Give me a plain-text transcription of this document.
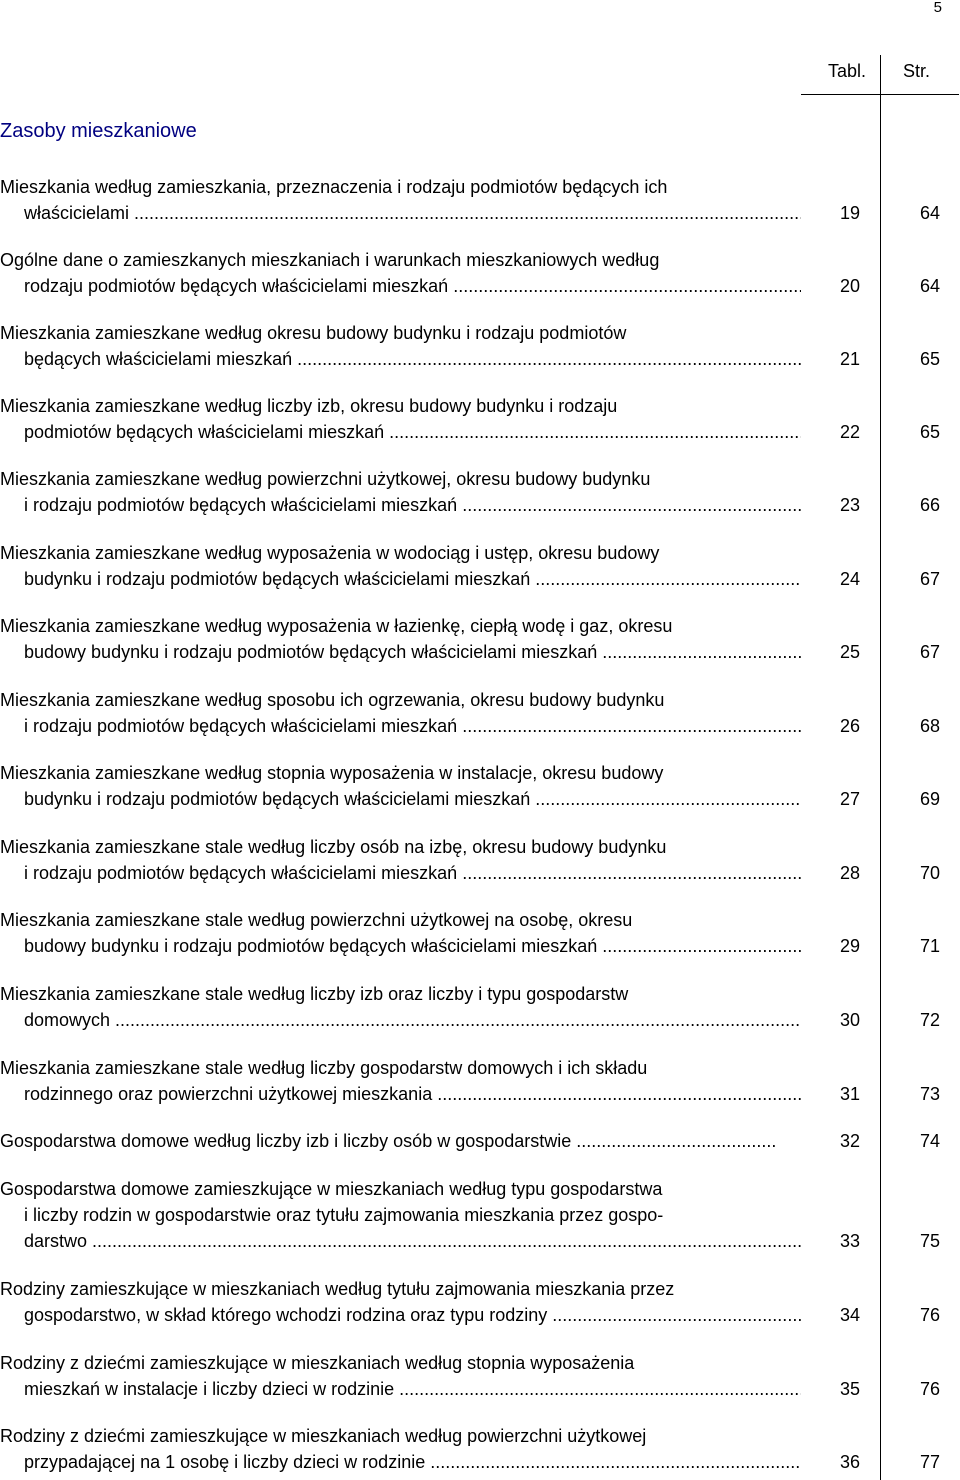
5
Tabl. Str.
Zasoby mieszkaniowe
Mieszkania według zamieszkania, przeznaczenia i rodzaju podmiotów będących ich
właścicielami .....	19	64
Ogólne dane o zamieszkanych mieszkaniach i warunkach mieszkaniowych według
rodzaju podmiotów będących właścicielami mieszkań .....	20	64
Mieszkania zamieszkane według okresu budowy budynku i rodzaju podmiotów
będących właścicielami mieszkań .....	21	65
Mieszkania zamieszkane według liczby izb, okresu budowy budynku i rodzaju
podmiotów będących właścicielami mieszkań .....	22	65
Mieszkania zamieszkane według powierzchni użytkowej, okresu budowy budynku
i rodzaju podmiotów będących właścicielami mieszkań .....	23	66
Mieszkania zamieszkane według wyposażenia w wodociąg i ustęp, okresu budowy
budynku i rodzaju podmiotów będących właścicielami mieszkań .....	24	67
Mieszkania zamieszkane według wyposażenia w łazienkę, ciepłą wodę i gaz, okresu
budowy budynku i rodzaju podmiotów będących właścicielami mieszkań .....	25	67
Mieszkania zamieszkane według sposobu ich ogrzewania, okresu budowy budynku
i rodzaju podmiotów będących właścicielami mieszkań .....	26	68
Mieszkania zamieszkane według stopnia wyposażenia w instalacje, okresu budowy
budynku i rodzaju podmiotów będących właścicielami mieszkań .....	27	69
Mieszkania zamieszkane stale według liczby osób na izbę, okresu budowy budynku
i rodzaju podmiotów będących właścicielami mieszkań .....	28	70
Mieszkania zamieszkane stale według powierzchni użytkowej na osobę, okresu
budowy budynku i rodzaju podmiotów będących właścicielami mieszkań .....	29	71
Mieszkania zamieszkane stale według liczby izb oraz liczby i typu gospodarstw
domowych .....	30	72
Mieszkania zamieszkane stale według liczby gospodarstw domowych i ich składu
rodzinnego oraz powierzchni użytkowej mieszkania .....	31	73
Gospodarstwa domowe według liczby izb i liczby osób w gospodarstwie .....	32	74
Gospodarstwa domowe zamieszkujące w mieszkaniach według typu gospodarstwa
i liczby rodzin w gospodarstwie oraz tytułu zajmowania mieszkania przez gospo-
darstwo .....	33	75
Rodziny zamieszkujące w mieszkaniach według tytułu zajmowania mieszkania przez
gospodarstwo, w skład którego wchodzi rodzina oraz typu rodziny .....	34	76
Rodziny z dziećmi zamieszkujące w mieszkaniach według stopnia wyposażenia
mieszkań w instalacje i liczby dzieci w rodzinie .....	35	76
Rodziny z dziećmi zamieszkujące w mieszkaniach według powierzchni użytkowej
przypadającej na 1 osobę i liczby dzieci w rodzinie .....	36	77
